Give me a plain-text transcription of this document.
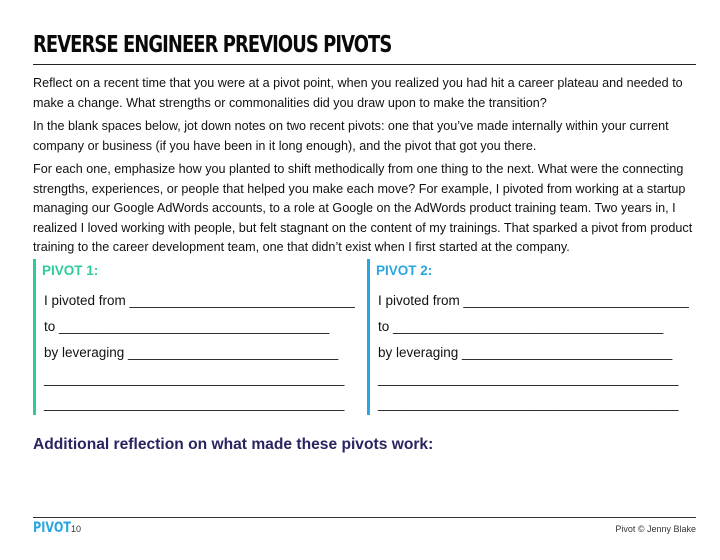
REVERSE ENGINEER PREVIOUS PIVOTS

Reflect on a recent time that you were at a pivot point, when you realized you had hit a career plateau and needed to make a change. What strengths or commonalities did you draw upon to make the transition?

In the blank spaces below, jot down notes on two recent pivots: one that you’ve made internally within your current company or business (if you have been in it long enough), and the pivot that got you there.

For each one, emphasize how you planted to shift methodically from one thing to the next. What were the connecting strengths, experiences, or people that helped you make each move? For example, I pivoted from working at a startup managing our Google AdWords accounts, to a role at Google on the AdWords product training team. Two years in, I realized I loved working with people, but felt stagnant on the content of my trainings. That sparked a pivot from product training to the career development team, one that didn’t exist when I first started at the company.

PIVOT 1:
I pivoted from ______________________________
to ____________________________________
by leveraging ____________________________
________________________________________
________________________________________
PIVOT 2:
I pivoted from ______________________________
to ____________________________________
by leveraging ____________________________
________________________________________
________________________________________
Additional reflection on what made these pivots work:
PIVOT 10	Pivot © Jenny Blake
